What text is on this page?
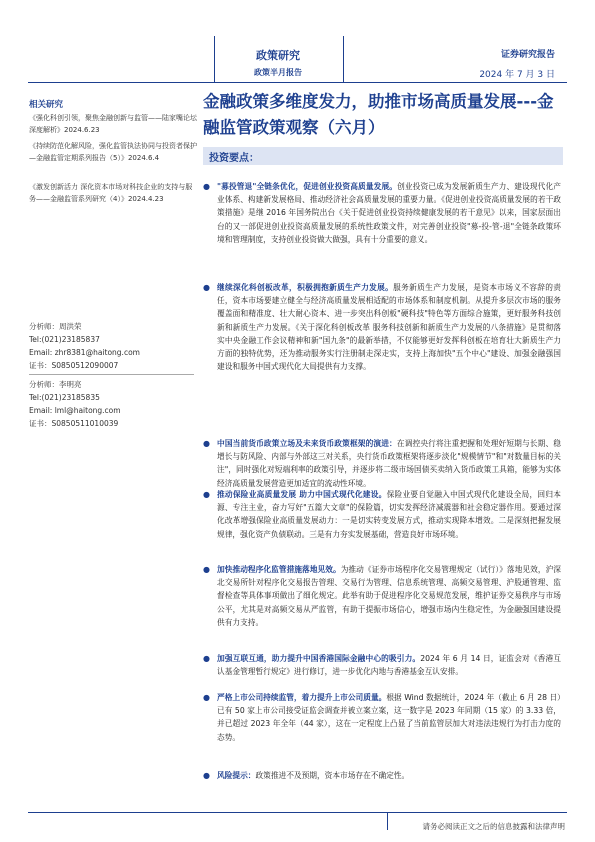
政策研究
政策半月报告
证券研究报告
2024 年 7 月 3 日
金融政策多维度发力，助推市场高质量发展---金融监管政策观察（六月）
相关研究
《强化科创引领，聚焦金融创新与监管——陆家嘴论坛深度解析》2024.6.23
《持续防范化解风险，强化监管执法协同与投资者保护—金融监管定期系列报告（5）》2024.6.4
《激发创新活力 深化资本市场对科技企业的支持与服务——金融监管系列研究（4）》2024.4.23
分析师：周洪荣
Tel:(021)23185837
Email: zhr8381@haitong.com
证书：S0850512090007
分析师：李明亮
Tel:(021)23185835
Email: lml@haitong.com
证书：S0850511010039
投资要点：
● "募投管退"全链条优化，促进创业投资高质量发展。创业投资已成为发展新质生产力、建设现代化产业体系、构建新发展格局、推动经济社会高质量发展的重要力量。《促进创业投资高质量发展的若干政策措施》是继 2016 年国务院出台《关于促进创业投资持续健康发展的若干意见》以来，国家层面出台的又一部促进创业投资高质量发展的系统性政策文件，对完善创业投资"募-投-管-退"全链条政策环境和管理制度，支持创业投资做大做强，具有十分重要的意义。
● 继续深化科创板改革，积极拥抱新质生产力发展。服务新质生产力发展，是资本市场义不容辞的责任，资本市场要建立健全与经济高质量发展相适配的市场体系和制度机制。从提升多层次市场的服务覆盖面和精准度、壮大耐心资本、进一步突出科创板"硬科技"特色等方面综合施策，更好服务科技创新和新质生产力发展。《关于深化科创板改革 服务科技创新和新质生产力发展的八条措施》是贯彻落实中央金融工作会议精神和新"国九条"的最新举措，不仅能够更好发挥科创板在培育壮大新质生产力方面的独特优势，还为推动服务实行注册制走深走实，支持上海加快"五个中心"建设、加强金融强国建设和服务中国式现代化大局提供有力支撑。
● 中国当前货币政策立场及未来货币政策框架的演进：在调控央行将注重把握和处理好短期与长期、稳增长与防风险、内部与外部这三对关系，央行货币政策框架将逐步淡化"规模情节"和"对数量目标的关注"，同时强化对短端利率的政策引导，并逐步将二级市场国债买卖纳入货币政策工具箱，能够为实体经济高质量发展营造更加适宜的流动性环境。
● 推动保险业高质量发展 助力中国式现代化建设。保险业要自觉融入中国式现代化建设全局，回归本源、专注主业，奋力写好"五篇大文章"的保险篇，切实发挥经济减震器和社会稳定器作用。要通过深化改革增强保险业高质量发展动力：一是切实转变发展方式，推动实现降本增效。二是深刻把握发展规律，强化资产负债联动。三是有力夯实发展基础，营造良好市场环境。
● 加快推动程序化监管措施落地见效。为推动《证券市场程序化交易管理规定（试行）》落地见效，沪深北交易所针对程序化交易报告管理、交易行为管理、信息系统管理、高频交易管理、沪股通管理、监督检查等具体事项做出了细化规定。此举有助于促进程序化交易规范发展，维护证券交易秩序与市场公平，尤其是对高频交易从严监管，有助于提振市场信心，增强市场内生稳定性，为金融强国建设提供有力支持。
● 加强互联互通，助力提升中国香港国际金融中心的吸引力。2024 年 6 月 14 日，证监会对《香港互认基金管理暂行规定》进行修订，进一步优化内地与香港基金互认安排。
● 严格上市公司持续监管，着力提升上市公司质量。根据 Wind 数据统计，2024 年（截止 6 月 28 日）已有 50 家上市公司接受证监会调查并被立案立案，这一数字是 2023 年同期（15 家）的 3.33 倍，并已超过 2023 年全年（44 家），这在一定程度上凸显了当前监管层加大对违法违规行为打击力度的态势。
● 风险提示：政策推进不及预期，资本市场存在不确定性。
请务必阅读正文之后的信息披露和法律声明
